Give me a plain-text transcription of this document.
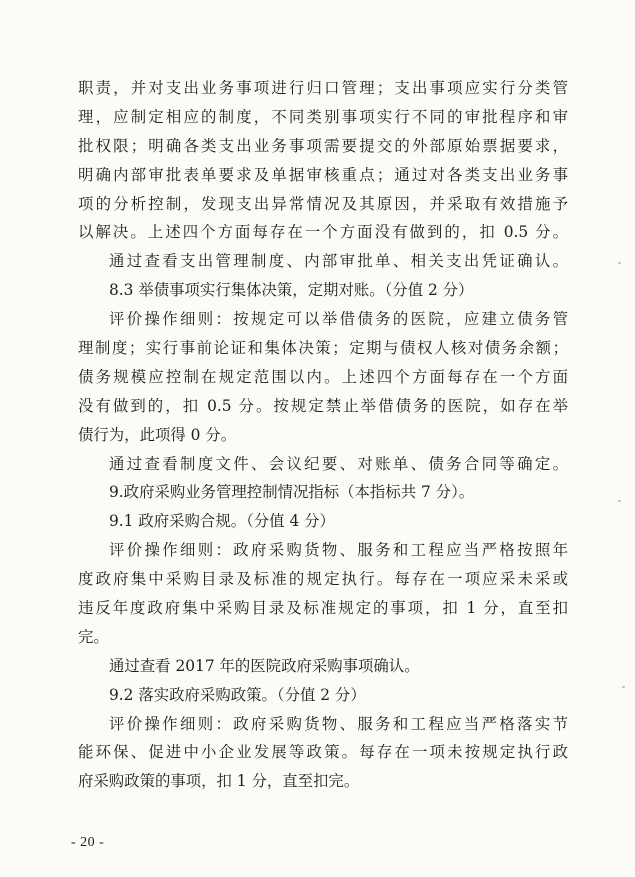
职责，并对支出业务事项进行归口管理；支出事项应实行分类管
理，应制定相应的制度，不同类别事项实行不同的审批程序和审
批权限；明确各类支出业务事项需要提交的外部原始票据要求，
明确内部审批表单要求及单据审核重点；通过对各类支出业务事
项的分析控制，发现支出异常情况及其原因，并采取有效措施予
以解决。上述四个方面每存在一个方面没有做到的，扣 0.5 分。
通过查看支出管理制度、内部审批单、相关支出凭证确认。
8.3 举债事项实行集体决策，定期对账。（分值 2 分）
评价操作细则：按规定可以举借债务的医院，应建立债务管
理制度；实行事前论证和集体决策；定期与债权人核对债务余额；
债务规模应控制在规定范围以内。上述四个方面每存在一个方面
没有做到的，扣 0.5 分。按规定禁止举借债务的医院，如存在举
债行为，此项得 0 分。
通过查看制度文件、会议纪要、对账单、债务合同等确定。
9.政府采购业务管理控制情况指标（本指标共 7 分）。
9.1 政府采购合规。（分值 4 分）
评价操作细则：政府采购货物、服务和工程应当严格按照年
度政府集中采购目录及标准的规定执行。每存在一项应采未采或
违反年度政府集中采购目录及标准规定的事项，扣 1 分，直至扣
完。
通过查看 2017 年的医院政府采购事项确认。
9.2 落实政府采购政策。（分值 2 分）
评价操作细则：政府采购货物、服务和工程应当严格落实节
能环保、促进中小企业发展等政策。每存在一项未按规定执行政
府采购政策的事项，扣 1 分，直至扣完。
- 20 -
